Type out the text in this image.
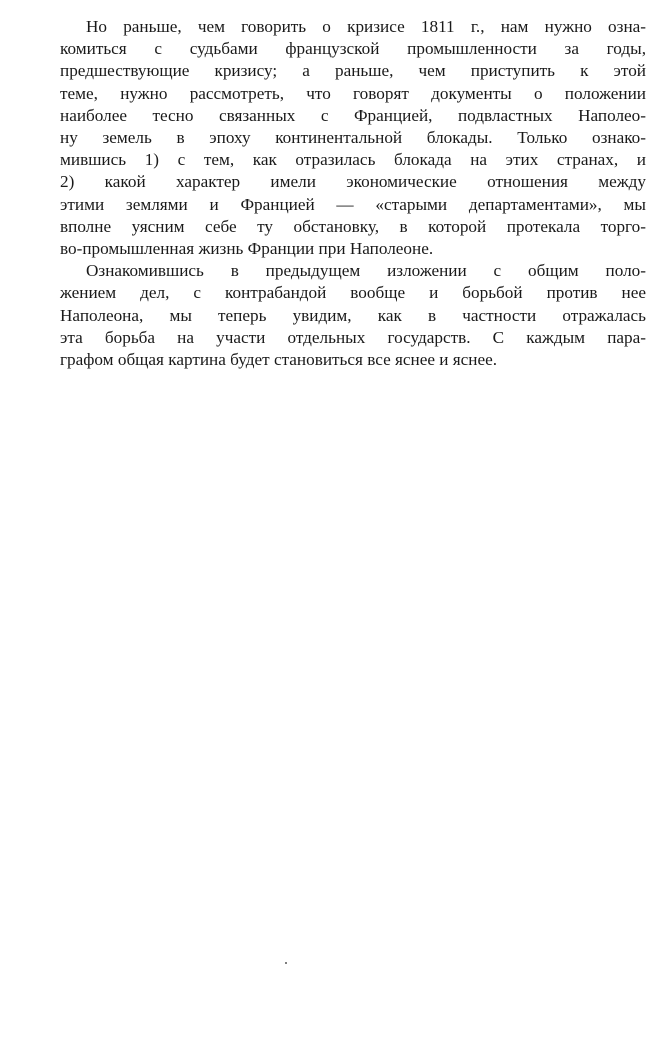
Но раньше, чем говорить о кризисе 1811 г., нам нужно озна-
комиться с судьбами французской промышленности за годы,
предшествующие кризису; а раньше, чем приступить к этой
теме, нужно рассмотреть, что говорят документы о положении
наиболее тесно связанных с Францией, подвластных Наполео-
ну земель в эпоху континентальной блокады. Только ознако-
мившись 1) с тем, как отразилась блокада на этих странах, и
2) какой характер имели экономические отношения между
этими землями и Францией — «старыми департаментами», мы
вполне уясним себе ту обстановку, в которой протекала торго-
во-промышленная жизнь Франции при Наполеоне.
Ознакомившись в предыдущем изложении с общим поло-
жением дел, с контрабандой вообще и борьбой против нее
Наполеона, мы теперь увидим, как в частности отражалась
эта борьба на участи отдельных государств. С каждым пара-
графом общая картина будет становиться все яснее и яснее.
